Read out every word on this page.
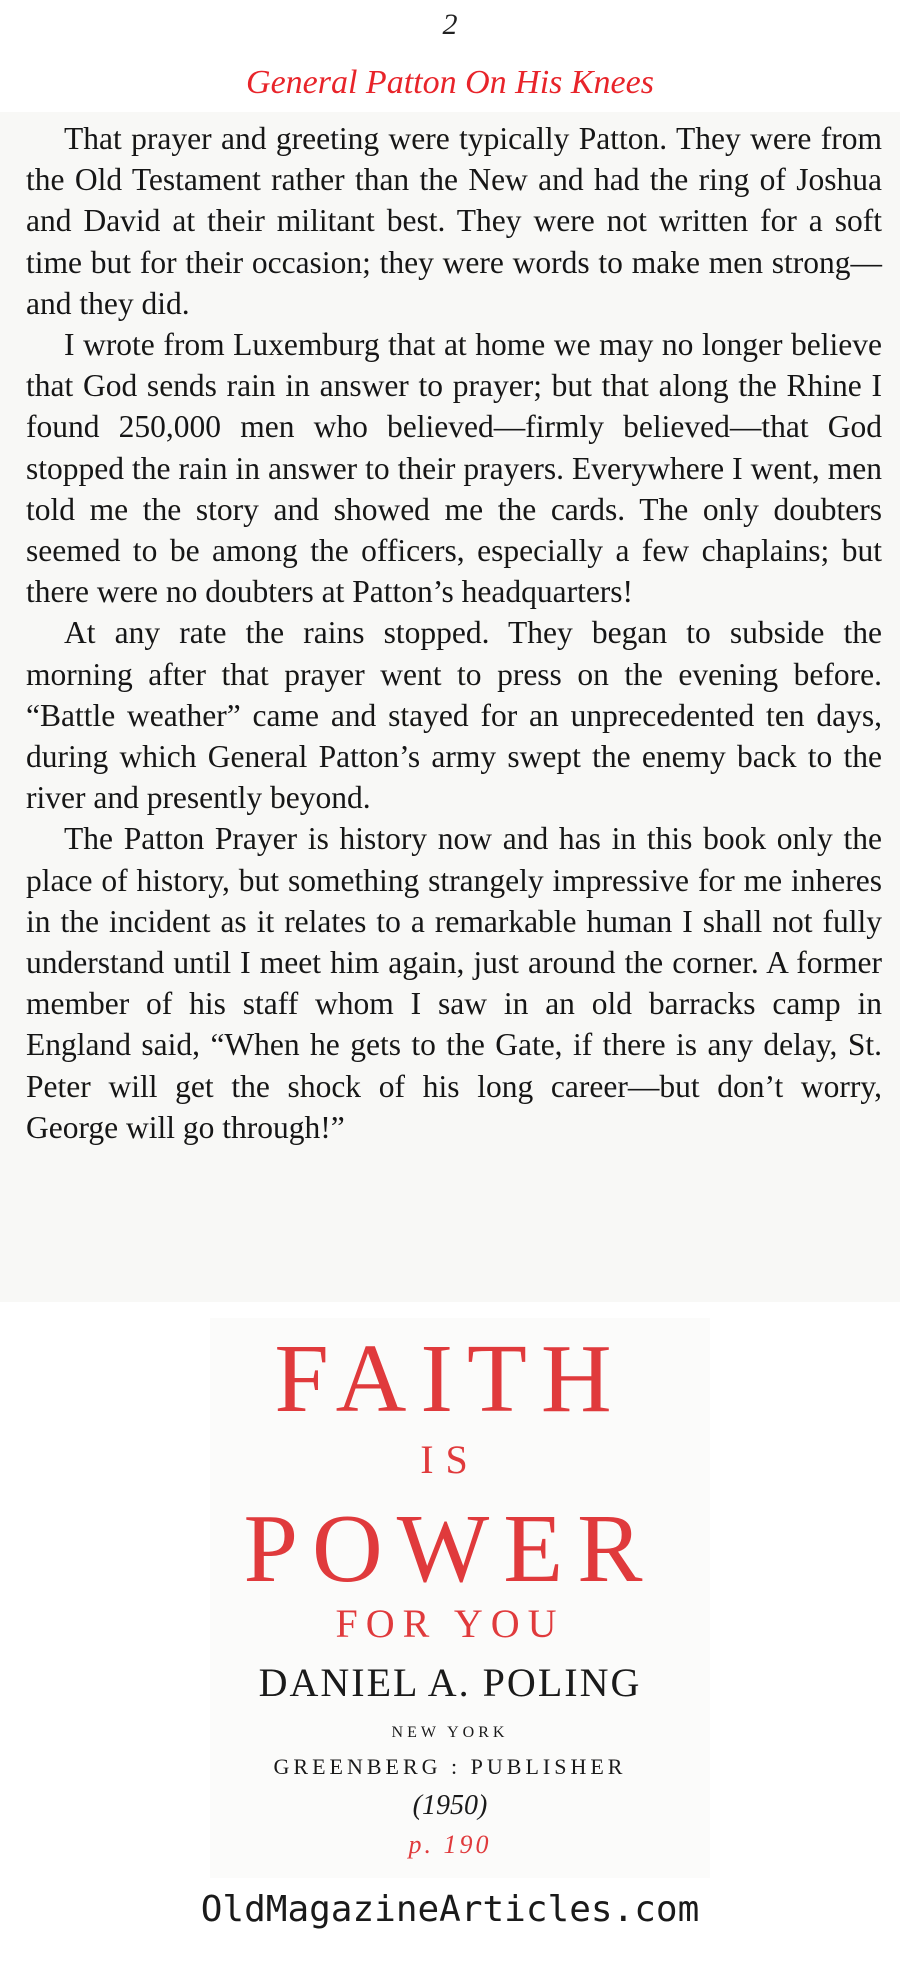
2
General Patton On His Knees

That prayer and greeting were typically Patton. They were from the Old Testament rather than the New and had the ring of Joshua and David at their militant best. They were not written for a soft time but for their occasion; they were words to make men strong—and they did.

I wrote from Luxemburg that at home we may no longer believe that God sends rain in answer to prayer; but that along the Rhine I found 250,000 men who believed—firmly believed—that God stopped the rain in answer to their prayers. Everywhere I went, men told me the story and showed me the cards. The only doubters seemed to be among the officers, especially a few chaplains; but there were no doubters at Patton’s headquarters!

At any rate the rains stopped. They began to subside the morning after that prayer went to press on the evening before. “Battle weather” came and stayed for an unprecedented ten days, during which General Patton’s army swept the enemy back to the river and presently beyond.

The Patton Prayer is history now and has in this book only the place of history, but something strangely impressive for me inheres in the incident as it relates to a remarkable human I shall not fully understand until I meet him again, just around the corner. A former member of his staff whom I saw in an old barracks camp in England said, “When he gets to the Gate, if there is any delay, St. Peter will get the shock of his long career—but don’t worry, George will go through!”

FAITH
IS
POWER
FOR YOU
DANIEL A. POLING
NEW YORK
GREENBERG : PUBLISHER
(1950)
p. 190
OldMagazineArticles.com
